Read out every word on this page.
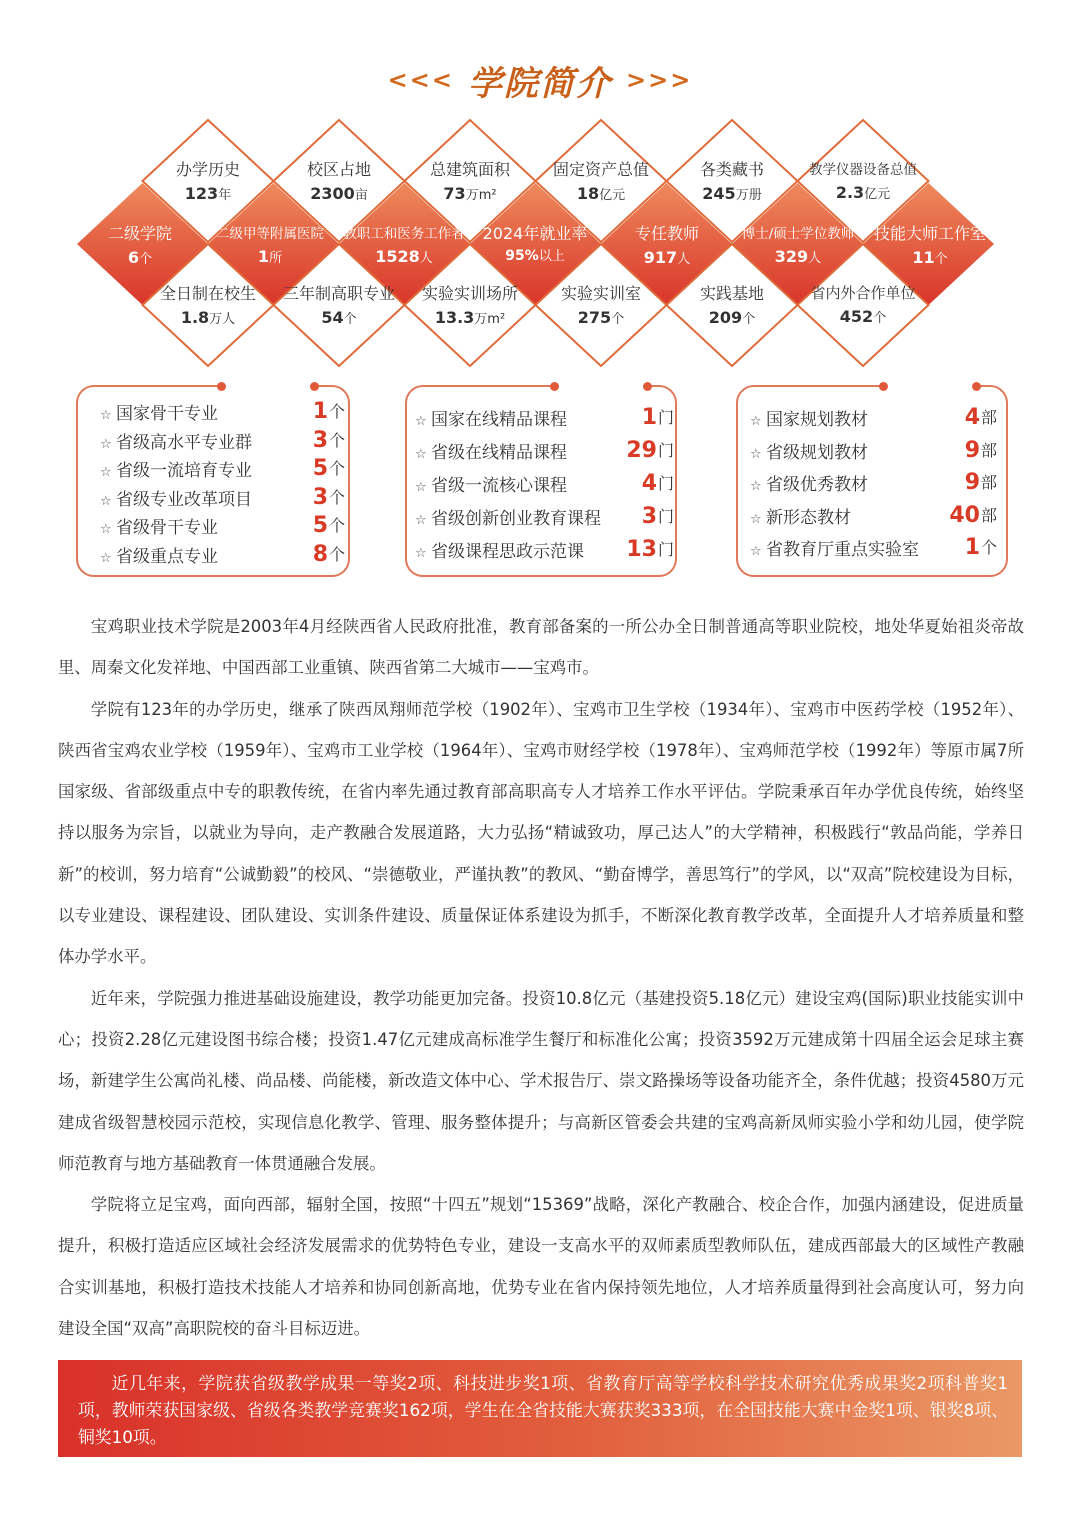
<<< 学院简介 >>>
办学历史
123年
校区占地
2300亩
总建筑面积
73万m²
固定资产总值
18亿元
各类藏书
245万册
教学仪器设备总值
2.3亿元
二级学院
6个
二级甲等附属医院
1所
教职工和医务工作者
1528人
2024年就业率
95%以上
专任教师
917人
博士/硕士学位教师
329人
技能大师工作室
11个
全日制在校生
1.8万人
三年制高职专业
54个
实验实训场所
13.3万m²
实验实训室
275个
实践基地
209个
省内外合作单位
452个
☆ 国家骨干专业	1 个
☆ 省级高水平专业群	3 个
☆ 省级一流培育专业	5 个
☆ 省级专业改革项目	3 个
☆ 省级骨干专业	5 个
☆ 省级重点专业	8 个
☆ 国家在线精品课程	1 门
☆ 省级在线精品课程	29 门
☆ 省级一流核心课程	4 门
☆ 省级创新创业教育课程	3 门
☆ 省级课程思政示范课	13 门
☆ 国家规划教材	4 部
☆ 省级规划教材	9 部
☆ 省级优秀教材	9 部
☆ 新形态教材	40 部
☆ 省教育厅重点实验室	1 个

宝鸡职业技术学院是2003年4月经陕西省人民政府批准，教育部备案的一所公办全日制普通高等职业院校，地处华夏始祖炎帝故里、周秦文化发祥地、中国西部工业重镇、陕西省第二大城市——宝鸡市。

学院有123年的办学历史，继承了陕西凤翔师范学校（1902年）、宝鸡市卫生学校（1934年）、宝鸡市中医药学校（1952年）、陕西省宝鸡农业学校（1959年）、宝鸡市工业学校（1964年）、宝鸡市财经学校（1978年）、宝鸡师范学校（1992年）等原市属7所国家级、省部级重点中专的职教传统，在省内率先通过教育部高职高专人才培养工作水平评估。学院秉承百年办学优良传统，始终坚持以服务为宗旨，以就业为导向，走产教融合发展道路，大力弘扬“精诚致功，厚己达人”的大学精神，积极践行“敦品尚能，学养日新”的校训，努力培育“公诚勤毅”的校风、“崇德敬业，严谨执教”的教风、“勤奋博学，善思笃行”的学风，以“双高”院校建设为目标，以专业建设、课程建设、团队建设、实训条件建设、质量保证体系建设为抓手，不断深化教育教学改革，全面提升人才培养质量和整体办学水平。

近年来，学院强力推进基础设施建设，教学功能更加完备。投资10.8亿元（基建投资5.18亿元）建设宝鸡(国际)职业技能实训中心；投资2.28亿元建设图书综合楼；投资1.47亿元建成高标准学生餐厅和标准化公寓；投资3592万元建成第十四届全运会足球主赛场，新建学生公寓尚礼楼、尚品楼、尚能楼，新改造文体中心、学术报告厅、崇文路操场等设备功能齐全，条件优越；投资4580万元建成省级智慧校园示范校，实现信息化教学、管理、服务整体提升；与高新区管委会共建的宝鸡高新凤师实验小学和幼儿园，使学院师范教育与地方基础教育一体贯通融合发展。

学院将立足宝鸡，面向西部，辐射全国，按照“十四五”规划“15369”战略，深化产教融合、校企合作，加强内涵建设，促进质量提升，积极打造适应区域社会经济发展需求的优势特色专业，建设一支高水平的双师素质型教师队伍，建成西部最大的区域性产教融合实训基地，积极打造技术技能人才培养和协同创新高地，优势专业在省内保持领先地位，人才培养质量得到社会高度认可，努力向建设全国“双高”高职院校的奋斗目标迈进。

近几年来，学院获省级教学成果一等奖2项、科技进步奖1项、省教育厅高等学校科学技术研究优秀成果奖2项科普奖1项，教师荣获国家级、省级各类教学竞赛奖162项，学生在全省技能大赛获奖333项，在全国技能大赛中金奖1项、银奖8项、铜奖10项。
